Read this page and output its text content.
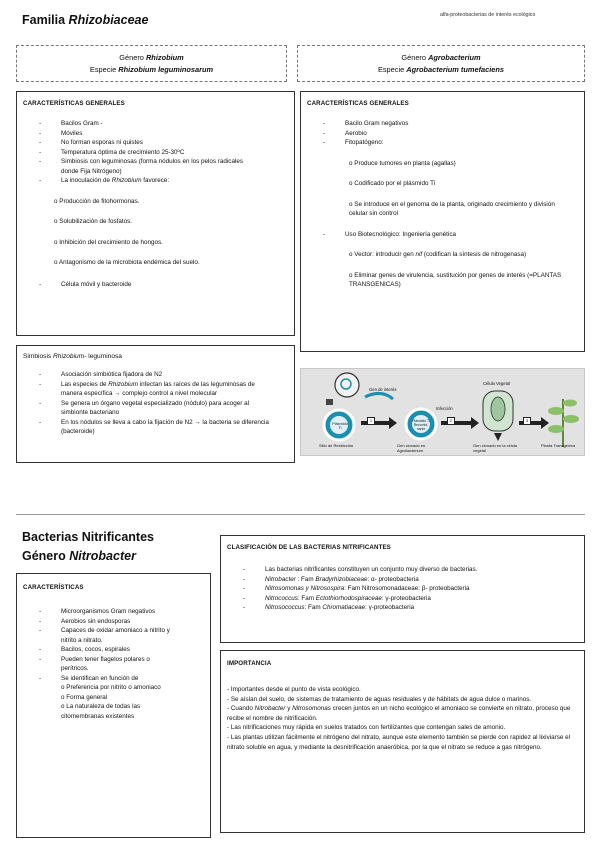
Familia Rhizobiaceae	alfa-proteobacterias de interés ecológico
Género Rhizobium
Especie Rhizobium leguminosarum
Género Agrobacterium
Especie Agrobacterium tumefaciens
CARACTERÍSTICAS GENERALES
- Bacilos Gram -
- Móviles
- No forman esporas ni quistes
- Temperatura óptima de crecimiento 25-30ºC
- Simbiosis con leguminosas (forma nódulos en los pelos radicales donde Fija Nitrógeno)
- La inoculación de Rhizobium favorece:
o Producción de fitohormonas.
o Solubilización de fosfatos.
o Inhibición del crecimiento de hongos.
o Antagonismo de la microbiota endémica del suelo.
- Célula móvil y bacteroide
Simbiosis Rhizobium- leguminosa
- Asociación simbiótica fijadora de N2
- Las especies de Rhizobium infectan las raíces de las leguminosas de manera específica → complejo control a nivel molecular
- Se genera un órgano vegetal especializado (nódulo) para acoger al simbionte bacteriano
- En los nódulos se lleva a cabo la fijación de N2 → la bacteria se diferencia (bacteroide)
CARACTERÍSTICAS GENERALES
- Bacilo Gram negativos
- Aerobio
- Fitopatógeno:
o Produce tumores en planta (agallas)
o Codificado por el plásmido Ti
o Se introduce en el genoma de la planta, originado crecimiento y división celular sin control
- Uso Biotecnológico: Ingeniería genética
o Vector: introducir gen nif (codifican la síntesis de nitrogenasa)
o Eliminar genes de virulencia, sustitución por genes de interés (=PLANTAS TRANSGENICAS)
Gen de interés
Célula Vegetal
Infección
Plásmido Ti
Plásmido Ti Recombi-nante
Sitio de Restricción	Gen clonado en Agrobacterium
Gen clonado en la célula vegetal
Planta Transgénica
1	2	3
Bacterias Nitrificantes
Género Nitrobacter
CARACTERÍSTICAS
- Microorganismos Gram negativos
- Aerobios sin endosporas
- Capaces de oxidar amoniaco a nitrito y nitrito a nitrato.
- Bacilos, cocos, espirales
- Pueden tener flagelos polares o perítricos.
- Se identifican en función de
o Preferencia por nitrito o amoniaco
o Forma general
o La naturaleza de todas las citomembranas existentes
CLASIFICACIÓN DE LAS BACTERIAS NITRIFICANTES
- Las bacterias nitrificantes constituyen un conjunto muy diverso de bacterias.
- Nitrobacter : Fam Bradyrhizobiaceae: α- proteobacteria
- Nitrosomonas y Nitrosospira: Fam Nitrosomonadaceae: β- proteobacteria
- Nitrococcus: Fam Ectothiorhodospiraceae: γ-proteobacteria
- Nitrosococcus: Fam Chromatiaceae: γ-proteobacteria
IMPORTANCIA

- Importantes desde el punto de vista ecológico.

- Se aíslan del suelo, de sistemas de tratamiento de aguas residuales y de hábitats de agua dulce o marinos.

- Cuando Nitrobacter y Nitrosomonas crecen juntos en un nicho ecológico el amoniaco se convierte en nitrato, proceso que recibe el nombre de nitrificación.

- Las nitrificaciones muy rápida en suelos tratados con fertilizantes que contengan sales de amonio.

- Las plantas utilizan fácilmente el nitrógeno del nitrato, aunque este elemento también se pierde con rapidez al lixiviarse el nitrato soluble en agua, y mediante la desnitrificación anaeróbica, por la que el nitrato se reduce a gas nitrógeno.
